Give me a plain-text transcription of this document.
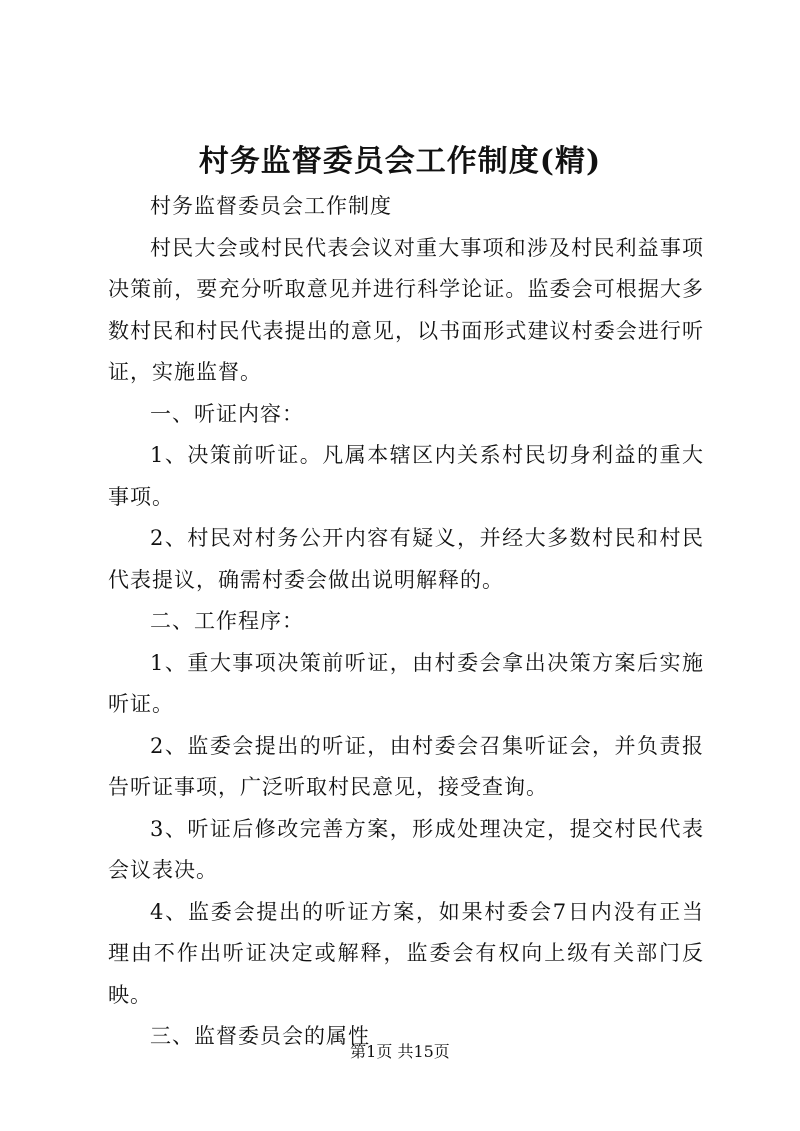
村务监督委员会工作制度(精)

村务监督委员会工作制度

村民大会或村民代表会议对重大事项和涉及村民利益事项决策前，要充分听取意见并进行科学论证。监委会可根据大多数村民和村民代表提出的意见，以书面形式建议村委会进行听证，实施监督。

一、听证内容：

1、决策前听证。凡属本辖区内关系村民切身利益的重大事项。

2、村民对村务公开内容有疑义，并经大多数村民和村民代表提议，确需村委会做出说明解释的。

二、工作程序：

1、重大事项决策前听证，由村委会拿出决策方案后实施听证。

2、监委会提出的听证，由村委会召集听证会，并负责报告听证事项，广泛听取村民意见，接受查询。

3、听证后修改完善方案，形成处理决定，提交村民代表会议表决。

4、监委会提出的听证方案，如果村委会7日内没有正当理由不作出听证决定或解释，监委会有权向上级有关部门反映。

三、监督委员会的属性

第1页 共15页
